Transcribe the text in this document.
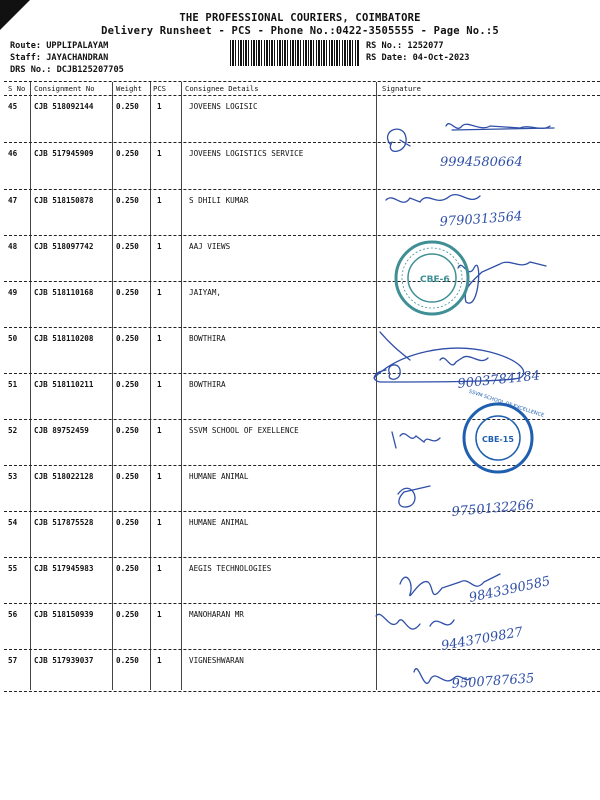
THE PROFESSIONAL COURIERS, COIMBATORE
Delivery Runsheet - PCS - Phone No.:0422-3505555 - Page No.:5
Route: UPPLIPALAYAM
Staff: JAYACHANDRAN
DRS No.: DCJB125207705
RS No.: 1252077
RS Date: 04-Oct-2023
S No Consignment No	Weight PCS	Consignee Details	Signature
45 CJB 518092144	0.250 1	JOVEENS LOGISIC
46 CJB 517945909	0.250 1	JOVEENS LOGISTICS SERVICE
47 CJB 518150878	0.250 1	S DHILI KUMAR
48 CJB 518097742	0.250 1	AAJ VIEWS
49 CJB 518110168	0.250 1	JAIYAM,
50 CJB 518110208	0.250 1	BOWTHIRA
51 CJB 518110211	0.250 1	BOWTHIRA
52 CJB 89752459	0.250 1	SSVM SCHOOL OF EXELLENCE
53 CJB 518022128	0.250 1	HUMANE ANIMAL
54 CJB 517875528	0.250 1	HUMANE ANIMAL
55 CJB 517945983	0.250 1	AEGIS TECHNOLOGIES
56 CJB 518150939	0.250 1	MANOHARAN MR
57 CJB 517939037	0.250 1	VIGNESHWARAN
9994580664
9790313564
9003784184
9750132266
9843390585
9443709827
9500787635
CBE-6
CBE-15
SSVM SCHOOL OF EXCELLENCE
